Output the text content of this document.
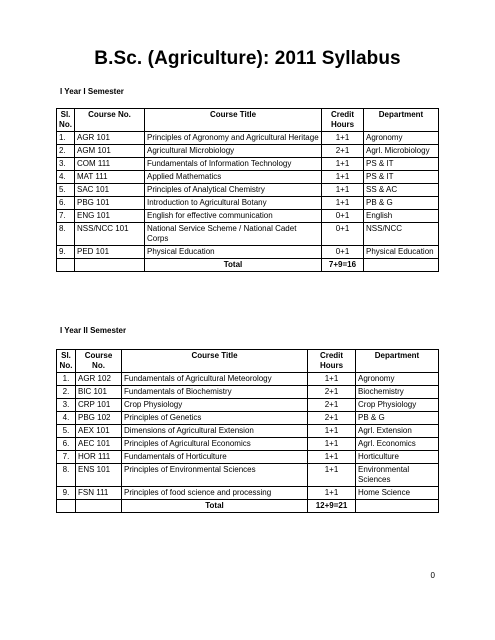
B.Sc. (Agriculture): 2011 Syllabus

I Year I Semester

Sl. No.	Course No.	Course Title	Credit Hours	Department
1.	AGR 101	Principles of Agronomy and Agricultural Heritage	1+1	Agronomy
2.	AGM 101	Agricultural Microbiology	2+1	Agrl. Microbiology
3.	COM 111	Fundamentals of Information Technology	1+1	PS & IT
4.	MAT 111	Applied Mathematics	1+1	PS & IT
5.	SAC 101	Principles of Analytical Chemistry	1+1	SS & AC
6.	PBG 101	Introduction to Agricultural Botany	1+1	PB & G
7.	ENG 101	English for effective communication	0+1	English
8.	NSS/NCC 101	National Service Scheme / National Cadet Corps	0+1	NSS/NCC
9.	PED 101	Physical Education	0+1	Physical Education
		Total	7+9=16	

I Year II Semester

Sl. No.	Course No.	Course Title	Credit Hours	Department
1.	AGR 102	Fundamentals of Agricultural Meteorology	1+1	Agronomy
2.	BIC 101	Fundamentals of Biochemistry	2+1	Biochemistry
3.	CRP 101	Crop Physiology	2+1	Crop Physiology
4.	PBG 102	Principles of Genetics	2+1	PB & G
5.	AEX 101	Dimensions of Agricultural Extension	1+1	Agrl. Extension
6.	AEC 101	Principles of Agricultural Economics	1+1	Agrl. Economics
7.	HOR 111	Fundamentals of Horticulture	1+1	Horticulture
8.	ENS 101	Principles of Environmental Sciences	1+1	Environmental Sciences
9.	FSN 111	Principles of food science and processing	1+1	Home Science
		Total	12+9=21	
0
